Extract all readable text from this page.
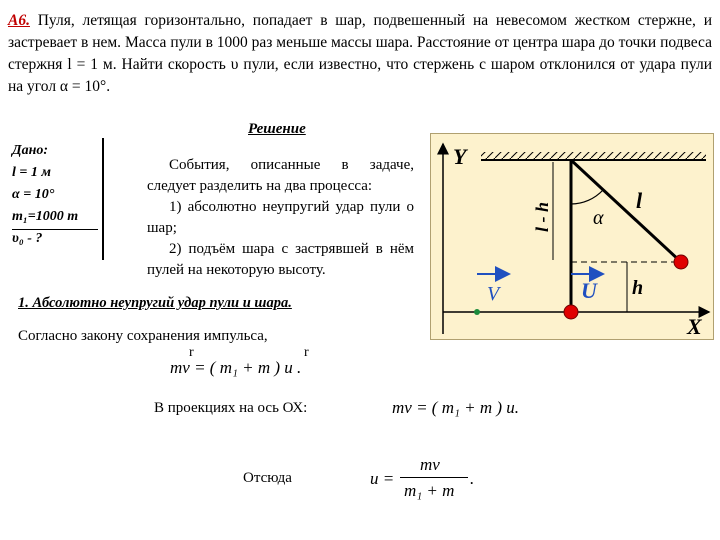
А6. Пуля, летящая горизонтально, попадает в шар, подвешенный на невесомом жестком стержне, и застревает в нем. Масса пули в 1000 раз меньше массы шара. Расстояние от центра шара до точки подвеса стержня l = 1 м. Найти скорость υ пули, если известно, что стержень с шаром отклонился от удара пули на угол α = 10°.
Решение
Дано:
l = 1 м
α = 10°
m₁=1000 m
υ₀ - ?

События, описанные в задаче, следует разделить на два процесса:

1) абсолютно неупругий удар пули о шар;

2) подъём шара с застрявшей в нём пулей на некоторую высоту.

Y
X
l - h
l
α
h
V	U
1. Абсолютно неупругий удар пули и шара.
Согласно закону сохранения импульса,
mv = ( m₁ + m ) u .
r	r
В проекциях на ось ОХ:	mv = ( m₁ + m ) u.
Отсюда	u =
mv
m₁ + m
.
